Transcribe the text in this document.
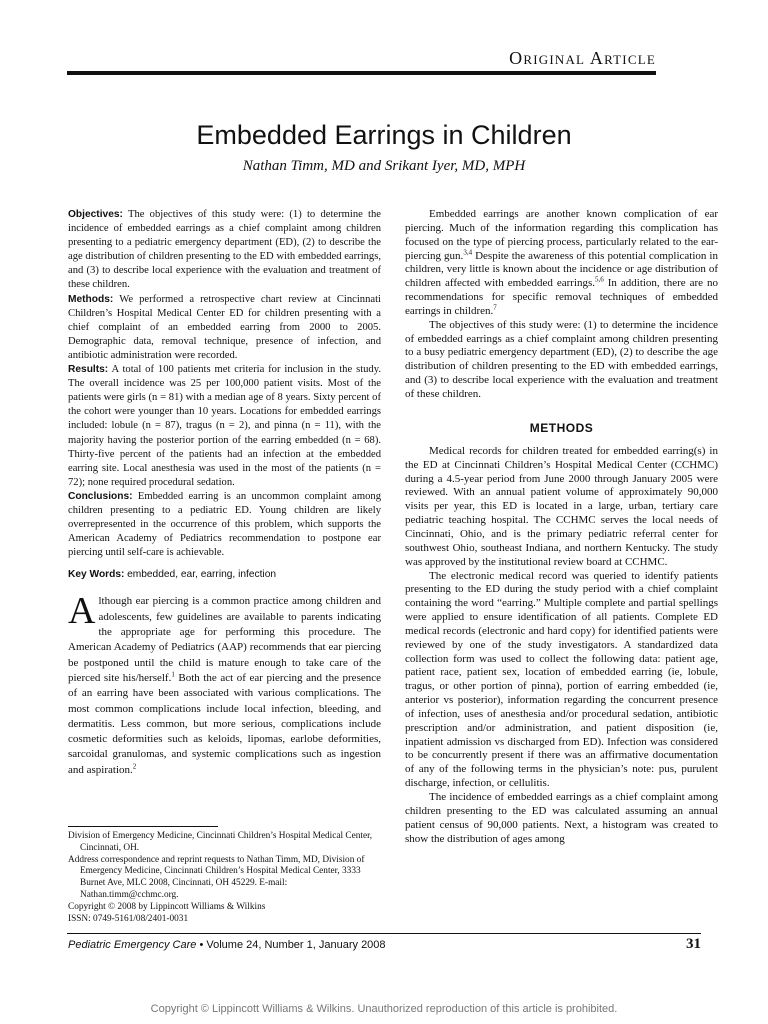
Original Article
Embedded Earrings in Children
Nathan Timm, MD and Srikant Iyer, MD, MPH

Objectives: The objectives of this study were: (1) to determine the incidence of embedded earrings as a chief complaint among children presenting to a pediatric emergency department (ED), (2) to describe the age distribution of children presenting to the ED with embedded earrings, and (3) to describe local experience with the evaluation and treatment of these children.

Methods: We performed a retrospective chart review at Cincinnati Children’s Hospital Medical Center ED for children presenting with a chief complaint of an embedded earring from 2000 to 2005. Demographic data, removal technique, presence of infection, and antibiotic administration were recorded.

Results: A total of 100 patients met criteria for inclusion in the study. The overall incidence was 25 per 100,000 patient visits. Most of the patients were girls (n = 81) with a median age of 8 years. Sixty percent of the cohort were younger than 10 years. Locations for embedded earrings included: lobule (n = 87), tragus (n = 2), and pinna (n = 11), with the majority having the posterior portion of the earring embedded (n = 68). Thirty-five percent of the patients had an infection at the embedded earring site. Local anesthesia was used in the most of the patients (n = 72); none required procedural sedation.

Conclusions: Embedded earring is an uncommon complaint among children presenting to a pediatric ED. Young children are likely overrepresented in the occurrence of this problem, which supports the American Academy of Pediatrics recommendation to postpone ear piercing until self-care is achievable.

Key Words: embedded, ear, earring, infection
Although ear piercing is a common practice among children and adolescents, few guidelines are available to parents indicating the appropriate age for performing this procedure. The American Academy of Pediatrics (AAP) recommends that ear piercing be postponed until the child is mature enough to take care of the pierced site his/herself.$^1$ Both the act of ear piercing and the presence of an earring have been associated with various complications. The most common complications include local infection, bleeding, and dermatitis. Less common, but more serious, complications include cosmetic deformities such as keloids, lipomas, earlobe deformities, sarcoidal granulomas, and systemic complications such as ingestion and aspiration.$^2$

Embedded earrings are another known complication of ear piercing. Much of the information regarding this complication has focused on the type of piercing process, particularly related to the ear-piercing gun.$^{3,4}$ Despite the awareness of this potential complication in children, very little is known about the incidence or age distribution of children affected with embedded earrings.$^{5,6}$ In addition, there are no recommendations for specific removal techniques of embedded earrings in children.$^7$

The objectives of this study were: (1) to determine the incidence of embedded earrings as a chief complaint among children presenting to a busy pediatric emergency department (ED), (2) to describe the age distribution of children presenting to the ED with embedded earrings, and (3) to describe local experience with the evaluation and treatment of these children.

METHODS

Medical records for children treated for embedded earring(s) in the ED at Cincinnati Children’s Hospital Medical Center (CCHMC) during a 4.5-year period from June 2000 through January 2005 were reviewed. With an annual patient volume of approximately 90,000 visits per year, this ED is located in a large, urban, tertiary care pediatric teaching hospital. The CCHMC serves the local needs of Cincinnati, Ohio, and is the primary pediatric referral center for southwest Ohio, southeast Indiana, and northern Kentucky. The study was approved by the institutional review board at CCHMC.

The electronic medical record was queried to identify patients presenting to the ED during the study period with a chief complaint containing the word “earring.” Multiple complete and partial spellings were applied to ensure identification of all patients. Complete ED medical records (electronic and hard copy) for identified patients were reviewed by one of the study investigators. A standardized data collection form was used to collect the following data: patient age, patient race, patient sex, location of embedded earring (ie, lobule, tragus, or other portion of pinna), portion of earring embedded (ie, anterior vs posterior), information regarding the concurrent presence of infection, uses of anesthesia and/or procedural sedation, antibiotic prescription and/or administration, and patient disposition (ie, inpatient admission vs discharged from ED). Infection was considered to be concurrently present if there was an affirmative documentation of any of the following terms in the physician’s note: pus, purulent discharge, infection, or cellulitis.

The incidence of embedded earrings as a chief complaint among children presenting to the ED was calculated assuming an annual patient census of 90,000 patients. Next, a histogram was created to show the distribution of ages among

Division of Emergency Medicine, Cincinnati Children’s Hospital Medical Center, Cincinnati, OH.

Address correspondence and reprint requests to Nathan Timm, MD, Division of Emergency Medicine, Cincinnati Children’s Hospital Medical Center, 3333 Burnet Ave, MLC 2008, Cincinnati, OH 45229. E-mail: Nathan.timm@cchmc.org.

Copyright © 2008 by Lippincott Williams & Wilkins

ISSN: 0749-5161/08/2401-0031

Pediatric Emergency Care • Volume 24, Number 1, January 2008	31
Copyright © Lippincott Williams & Wilkins. Unauthorized reproduction of this article is prohibited.
